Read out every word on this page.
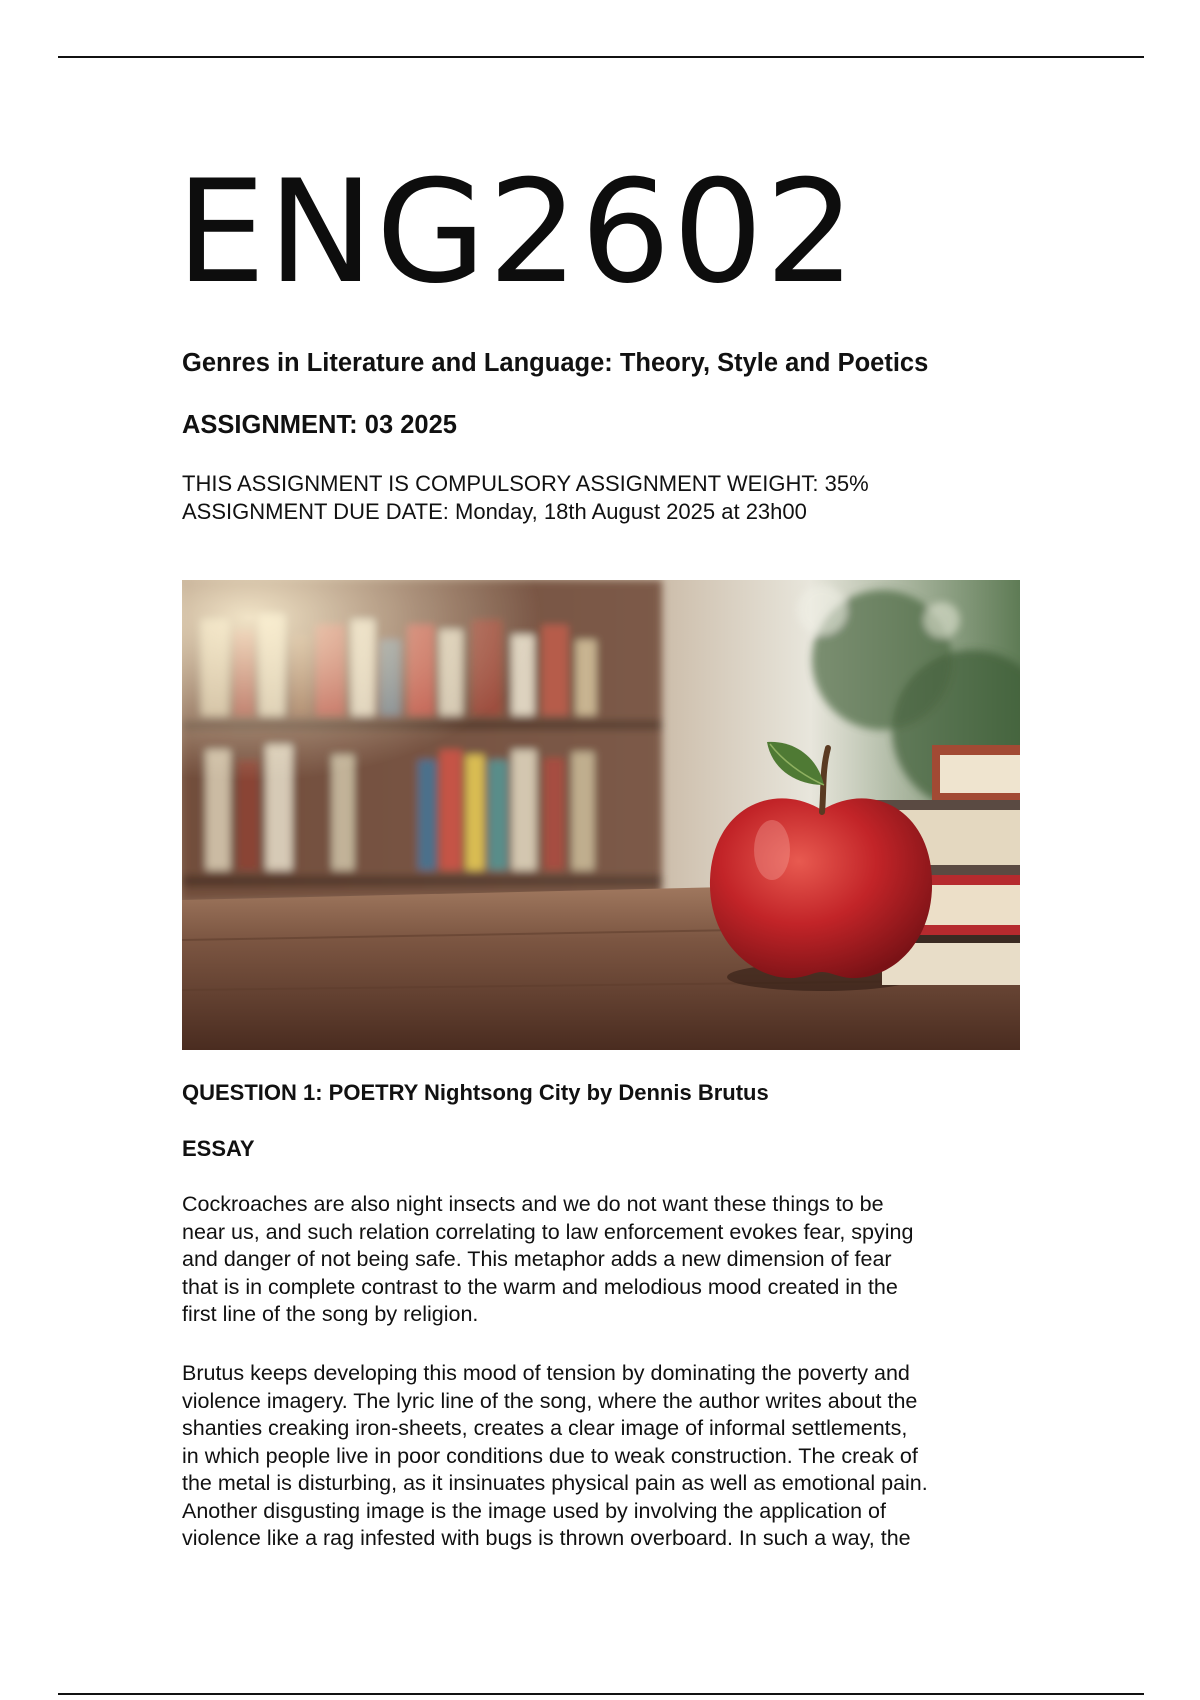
ENG2602
Genres in Literature and Language: Theory, Style and Poetics
ASSIGNMENT: 03 2025
THIS ASSIGNMENT IS COMPULSORY ASSIGNMENT WEIGHT: 35%
ASSIGNMENT DUE DATE: Monday, 18th August 2025 at 23h00
QUESTION 1: POETRY Nightsong City by Dennis Brutus
ESSAY

Cockroaches are also night insects and we do not want these things to be
near us, and such relation correlating to law enforcement evokes fear, spying
and danger of not being safe. This metaphor adds a new dimension of fear
that is in complete contrast to the warm and melodious mood created in the
first line of the song by religion.

Brutus keeps developing this mood of tension by dominating the poverty and
violence imagery. The lyric line of the song, where the author writes about the
shanties creaking iron-sheets, creates a clear image of informal settlements,
in which people live in poor conditions due to weak construction. The creak of
the metal is disturbing, as it insinuates physical pain as well as emotional pain.
Another disgusting image is the image used by involving the application of
violence like a rag infested with bugs is thrown overboard. In such a way, the
